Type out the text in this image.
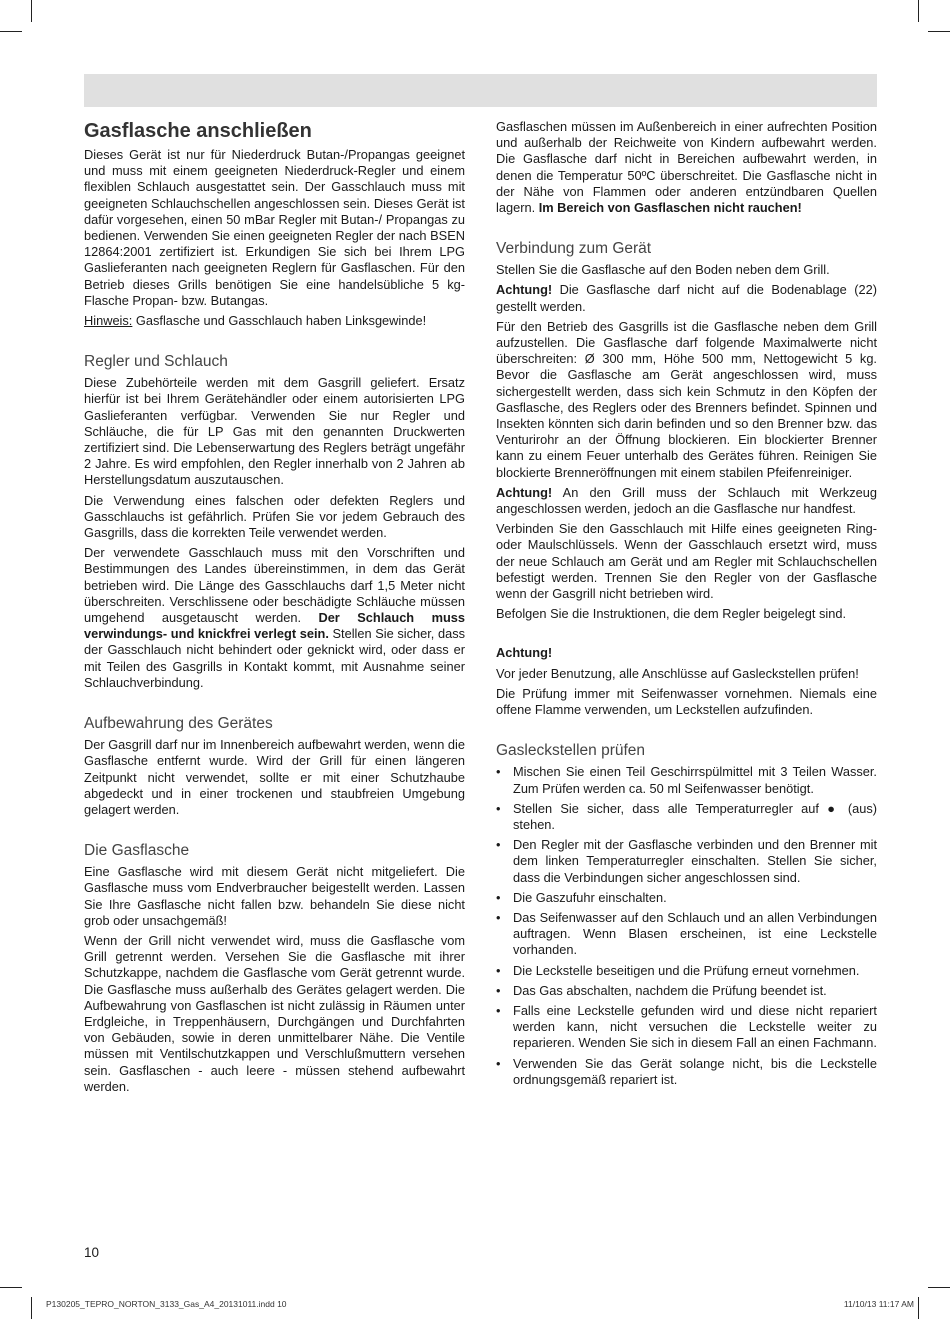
Gasflasche anschließen

Dieses Gerät ist nur für Niederdruck Butan-/Propangas geeignet und muss mit einem geeigneten Niederdruck-Regler und einem flexiblen Schlauch ausgestattet sein. Der Gasschlauch muss mit geeigneten Schlauchschellen angeschlossen sein. Dieses Gerät ist dafür vorgesehen, einen 50 mBar Regler mit Butan-/ Propangas zu bedienen. Verwenden Sie einen geeigneten Regler der nach BSEN 12864:2001 zertifiziert ist. Erkundigen Sie sich bei Ihrem LPG Gaslieferanten nach geeigneten Reglern für Gasflaschen. Für den Betrieb dieses Grills benötigen Sie eine handelsübliche 5 kg-Flasche Propan- bzw. Butangas.

Hinweis: Gasflasche und Gasschlauch haben Linksgewinde!

Regler und Schlauch

Diese Zubehörteile werden mit dem Gasgrill geliefert. Ersatz hierfür ist bei Ihrem Gerätehändler oder einem autorisierten LPG Gaslieferanten verfügbar. Verwenden Sie nur Regler und Schläuche, die für LP Gas mit den genannten Druckwerten zertifiziert sind. Die Lebenserwartung des Reglers beträgt ungefähr 2 Jahre. Es wird empfohlen, den Regler innerhalb von 2 Jahren ab Herstellungsdatum auszutauschen.

Die Verwendung eines falschen oder defekten Reglers und Gasschlauchs ist gefährlich. Prüfen Sie vor jedem Gebrauch des Gasgrills, dass die korrekten Teile verwendet werden.

Der verwendete Gasschlauch muss mit den Vorschriften und Bestimmungen des Landes übereinstimmen, in dem das Gerät betrieben wird. Die Länge des Gasschlauchs darf 1,5 Meter nicht überschreiten. Verschlissene oder beschädigte Schläuche müssen umgehend ausgetauscht werden. Der Schlauch muss verwindungs- und knickfrei verlegt sein. Stellen Sie sicher, dass der Gasschlauch nicht behindert oder geknickt wird, oder dass er mit Teilen des Gasgrills in Kontakt kommt, mit Ausnahme seiner Schlauchverbindung.

Aufbewahrung des Gerätes

Der Gasgrill darf nur im Innenbereich aufbewahrt werden, wenn die Gasflasche entfernt wurde. Wird der Grill für einen längeren Zeitpunkt nicht verwendet, sollte er mit einer Schutzhaube abgedeckt und in einer trockenen und staubfreien Umgebung gelagert werden.

Die Gasflasche

Eine Gasflasche wird mit diesem Gerät nicht mitgeliefert. Die Gasflasche muss vom Endverbraucher beigestellt werden. Lassen Sie Ihre Gasflasche nicht fallen bzw. behandeln Sie diese nicht grob oder unsachgemäß!

Wenn der Grill nicht verwendet wird, muss die Gasflasche vom Grill getrennt werden. Versehen Sie die Gasflasche mit ihrer Schutzkappe, nachdem die Gasflasche vom Gerät getrennt wurde. Die Gasflasche muss außerhalb des Gerätes gelagert werden. Die Aufbewahrung von Gasflaschen ist nicht zulässig in Räumen unter Erdgleiche, in Treppenhäusern, Durchgängen und Durchfahrten von Gebäuden, sowie in deren unmittelbarer Nähe. Die Ventile müssen mit Ventilschutzkappen und Verschlußmuttern versehen sein. Gasflaschen - auch leere - müssen stehend aufbewahrt werden.

Gasflaschen müssen im Außenbereich in einer aufrechten Position und außerhalb der Reichweite von Kindern aufbewahrt werden. Die Gasflasche darf nicht in Bereichen aufbewahrt werden, in denen die Temperatur 50ºC überschreitet. Die Gasflasche nicht in der Nähe von Flammen oder anderen entzündbaren Quellen lagern. Im Bereich von Gasflaschen nicht rauchen!

Verbindung zum Gerät

Stellen Sie die Gasflasche auf den Boden neben dem Grill.

Achtung! Die Gasflasche darf nicht auf die Bodenablage (22) gestellt werden.

Für den Betrieb des Gasgrills ist die Gasflasche neben dem Grill aufzustellen. Die Gasflasche darf folgende Maximalwerte nicht überschreiten: Ø 300 mm, Höhe 500 mm, Nettogewicht 5 kg. Bevor die Gasflasche am Gerät angeschlossen wird, muss sichergestellt werden, dass sich kein Schmutz in den Köpfen der Gasflasche, des Reglers oder des Brenners befindet. Spinnen und Insekten könnten sich darin befinden und so den Brenner bzw. das Venturirohr an der Öffnung blockieren. Ein blockierter Brenner kann zu einem Feuer unterhalb des Gerätes führen. Reinigen Sie blockierte Brenneröffnungen mit einem stabilen Pfeifenreiniger.

Achtung! An den Grill muss der Schlauch mit Werkzeug angeschlossen werden, jedoch an die Gasflasche nur handfest.

Verbinden Sie den Gasschlauch mit Hilfe eines geeigneten Ring- oder Maulschlüssels. Wenn der Gasschlauch ersetzt wird, muss der neue Schlauch am Gerät und am Regler mit Schlauchschellen befestigt werden. Trennen Sie den Regler von der Gasflasche wenn der Gasgrill nicht betrieben wird.

Befolgen Sie die Instruktionen, die dem Regler beigelegt sind.

Achtung!

Vor jeder Benutzung, alle Anschlüsse auf Gasleckstellen prüfen!

Die Prüfung immer mit Seifenwasser vornehmen. Niemals eine offene Flamme verwenden, um Leckstellen aufzufinden.

Gasleckstellen prüfen
• Mischen Sie einen Teil Geschirrspülmittel mit 3 Teilen Wasser. Zum Prüfen werden ca. 50 ml Seifenwasser benötigt.
• Stellen Sie sicher, dass alle Temperaturregler auf ● (aus) stehen.
• Den Regler mit der Gasflasche verbinden und den Brenner mit dem linken Temperaturregler einschalten. Stellen Sie sicher, dass die Verbindungen sicher angeschlossen sind.
• Die Gaszufuhr einschalten.
• Das Seifenwasser auf den Schlauch und an allen Verbindungen auftragen. Wenn Blasen erscheinen, ist eine Leckstelle vorhanden.
• Die Leckstelle beseitigen und die Prüfung erneut vornehmen.
• Das Gas abschalten, nachdem die Prüfung beendet ist.
• Falls eine Leckstelle gefunden wird und diese nicht repariert werden kann, nicht versuchen die Leckstelle weiter zu reparieren. Wenden Sie sich in diesem Fall an einen Fachmann.
• Verwenden Sie das Gerät solange nicht, bis die Leckstelle ordnungsgemäß repariert ist.
10
P130205_TEPRO_NORTON_3133_Gas_A4_20131011.indd 10	11/10/13 11:17 AM
